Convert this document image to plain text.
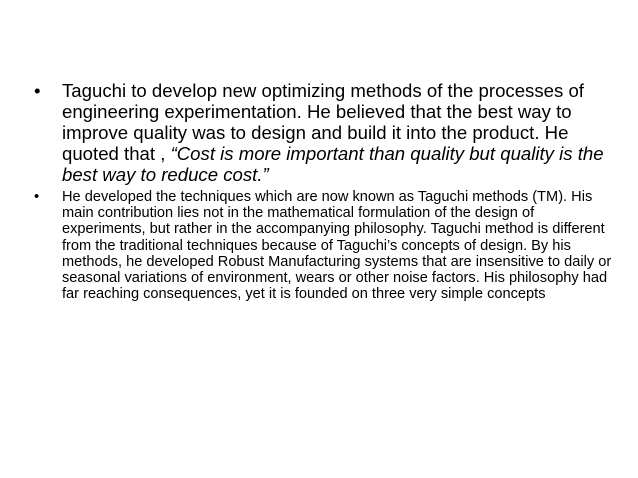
• Taguchi to develop new optimizing methods of the processes of engineering experimentation. He believed that the best way to improve quality was to design and build it into the product. He quoted that , “Cost is more important than quality but quality is the best way to reduce cost.”
• He developed the techniques which are now known as Taguchi methods (TM). His main contribution lies not in the mathematical formulation of the design of experiments, but rather in the accompanying philosophy. Taguchi method is different from the traditional techniques because of Taguchi’s concepts of design. By his methods, he developed Robust Manufacturing systems that are insensitive to daily or seasonal variations of environment, wears or other noise factors. His philosophy had far reaching consequences, yet it is founded on three very simple concepts
